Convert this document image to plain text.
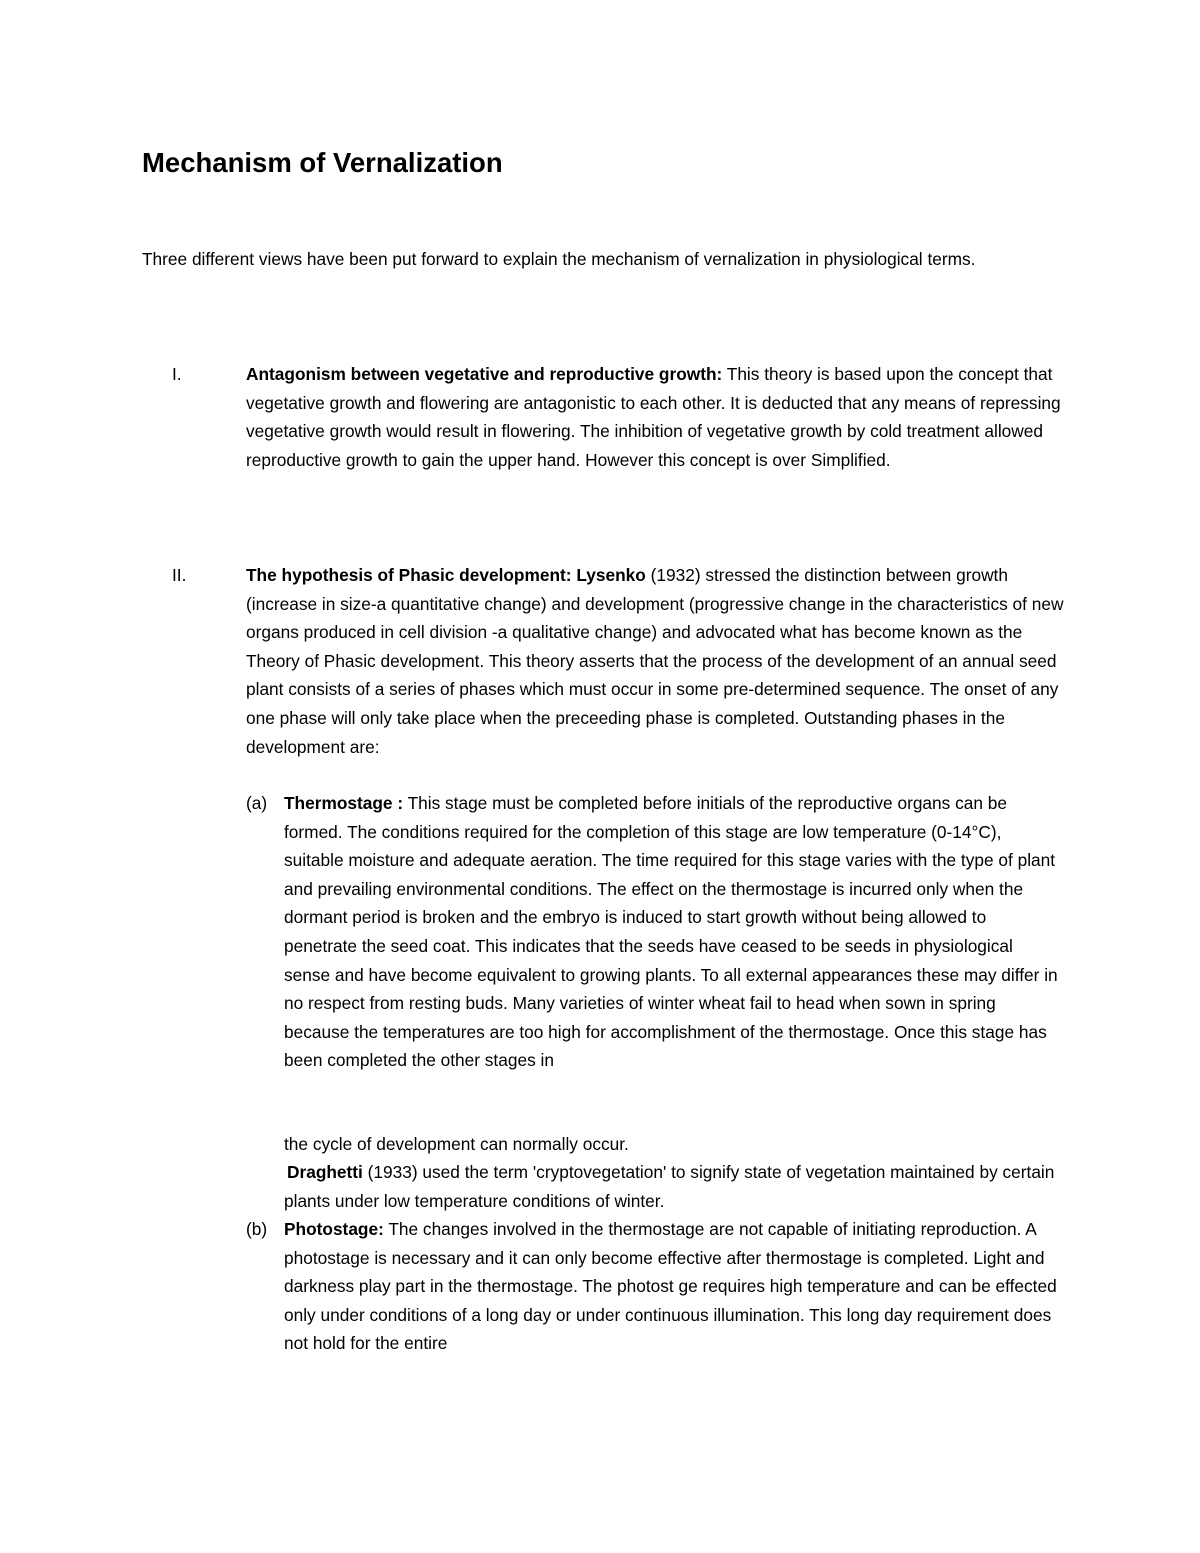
Mechanism of Vernalization

Three different views have been put forward to explain the mechanism of vernalization in physiological terms.

I.	Antagonism between vegetative and reproductive growth: This theory is based upon the concept that vegetative growth and flowering are antagonistic to each other. It is deducted that any means of repressing vegetative growth would result in flowering. The inhibition of vegetative growth by cold treatment allowed reproductive growth to gain the upper hand. However this concept is over Simplified.

II.	The hypothesis of Phasic development: Lysenko (1932) stressed the distinction between growth (increase in size-a quantitative change) and development (progressive change in the characteristics of new organs produced in cell division -a qualitative change) and advocated what has become known as the Theory of Phasic development. This theory asserts that the process of the development of an annual seed plant consists of a series of phases which must occur in some pre-determined sequence. The onset of any one phase will only take place when the preceeding phase is completed. Outstanding phases in the development are:

(a) Thermostage : This stage must be completed before initials of the reproductive organs can be formed. The conditions required for the completion of this stage are low temperature (0-14°C), suitable moisture and adequate aeration. The time required for this stage varies with the type of plant and prevailing environmental conditions. The effect on the thermostage is incurred only when the dormant period is broken and the embryo is induced to start growth without being allowed to penetrate the seed coat. This indicates that the seeds have ceased to be seeds in physiological sense and have become equivalent to growing plants. To all external appearances these may differ in no respect from resting buds. Many varieties of winter wheat fail to head when sown in spring because the temperatures are too high for accomplishment of the thermostage. Once this stage has been completed the other stages in

the cycle of development can normally occur.

Draghetti (1933) used the term 'cryptovegetation' to signify state of vegetation maintained by certain plants under low temperature conditions of winter.

(b) Photostage: The changes involved in the thermostage are not capable of initiating reproduction. A photostage is necessary and it can only become effective after thermostage is completed. Light and darkness play part in the thermostage. The photost ge requires high temperature and can be effected only under conditions of a long day or under continuous illumination. This long day requirement does not hold for the entire
